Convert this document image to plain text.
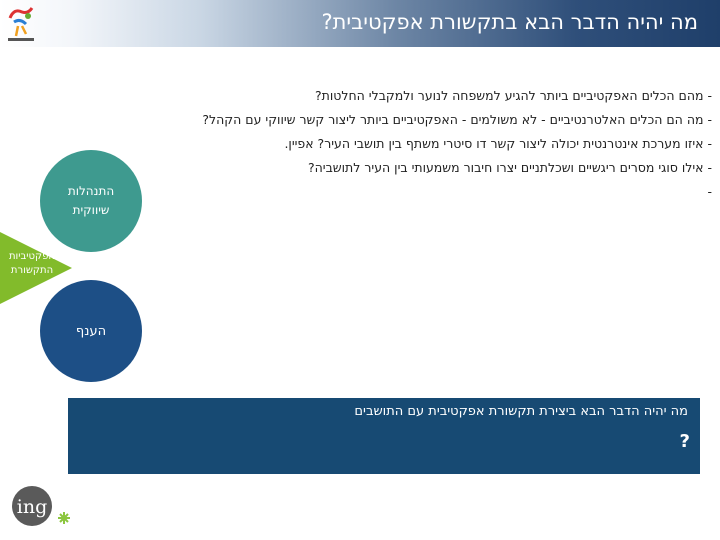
מה יהיה הדבר הבא בתקשורת אפקטיבית?
-מהם הכלים האפקטיביים ביותר להגיע למשפחה לנוער ולמקבלי החלטות?
-מה הם הכלים האלטרנטיביים - לא משולמים - האפקטיביים ביותר ליצור קשר שיווקי עם הקהל?
-איזו מערכת אינטרנטית יכולה ליצור קשר דו סיטרי משתף בין תושבי העיר? אפיין.
-אילו סוגי מסרים ריגשיים ושכלתניים יצרו חיבור משמעותי בין העיר לתושביה?
-
התנהלות
שיווקית
אפקטיביות
התקשורת
הענף
מה יהיה הדבר הבא ביצירת תקשורת אפקטיבית עם התושבים
?
ing
